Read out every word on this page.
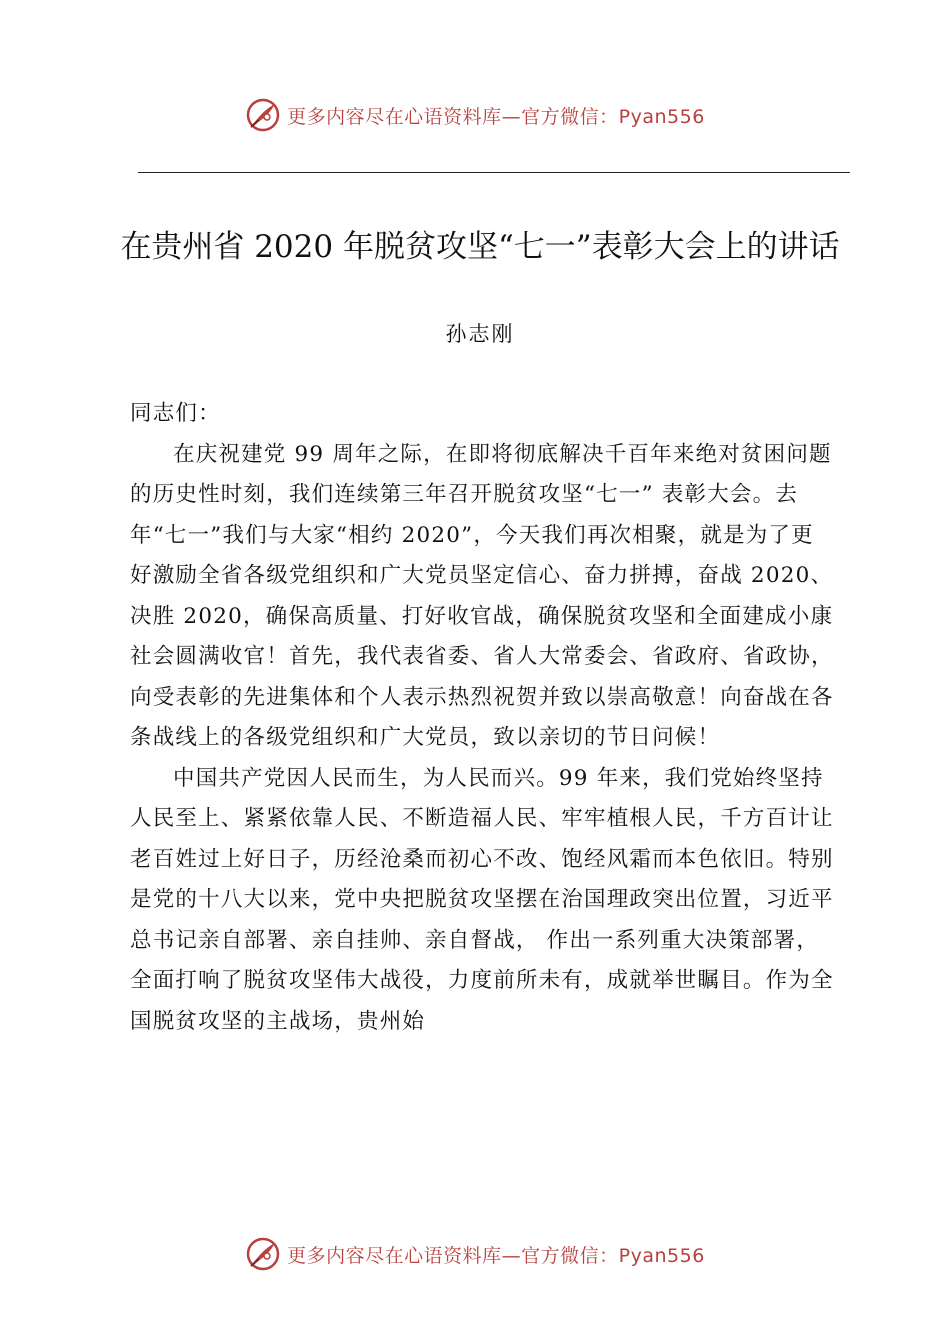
更多内容尽在心语资料库—官方微信：Pyan556
在贵州省 2020 年脱贫攻坚“七一”表彰大会上的讲话
孙志刚

同志们：

在庆祝建党 99 周年之际，在即将彻底解决千百年来绝对贫困问题的历史性时刻，我们连续第三年召开脱贫攻坚“七一” 表彰大会。去年“七一”我们与大家“相约 2020”，今天我们再次相聚，就是为了更好激励全省各级党组织和广大党员坚定信心、奋力拼搏，奋战 2020、决胜 2020，确保高质量、打好收官战，确保脱贫攻坚和全面建成小康社会圆满收官！首先，我代表省委、省人大常委会、省政府、省政协，向受表彰的先进集体和个人表示热烈祝贺并致以崇高敬意！向奋战在各条战线上的各级党组织和广大党员，致以亲切的节日问候！

中国共产党因人民而生，为人民而兴。99 年来，我们党始终坚持人民至上、紧紧依靠人民、不断造福人民、牢牢植根人民，千方百计让老百姓过上好日子，历经沧桑而初心不改、饱经风霜而本色依旧。特别是党的十八大以来，党中央把脱贫攻坚摆在治国理政突出位置，习近平总书记亲自部署、亲自挂帅、亲自督战， 作出一系列重大决策部署，全面打响了脱贫攻坚伟大战役，力度前所未有，成就举世瞩目。作为全国脱贫攻坚的主战场，贵州始

更多内容尽在心语资料库—官方微信：Pyan556
